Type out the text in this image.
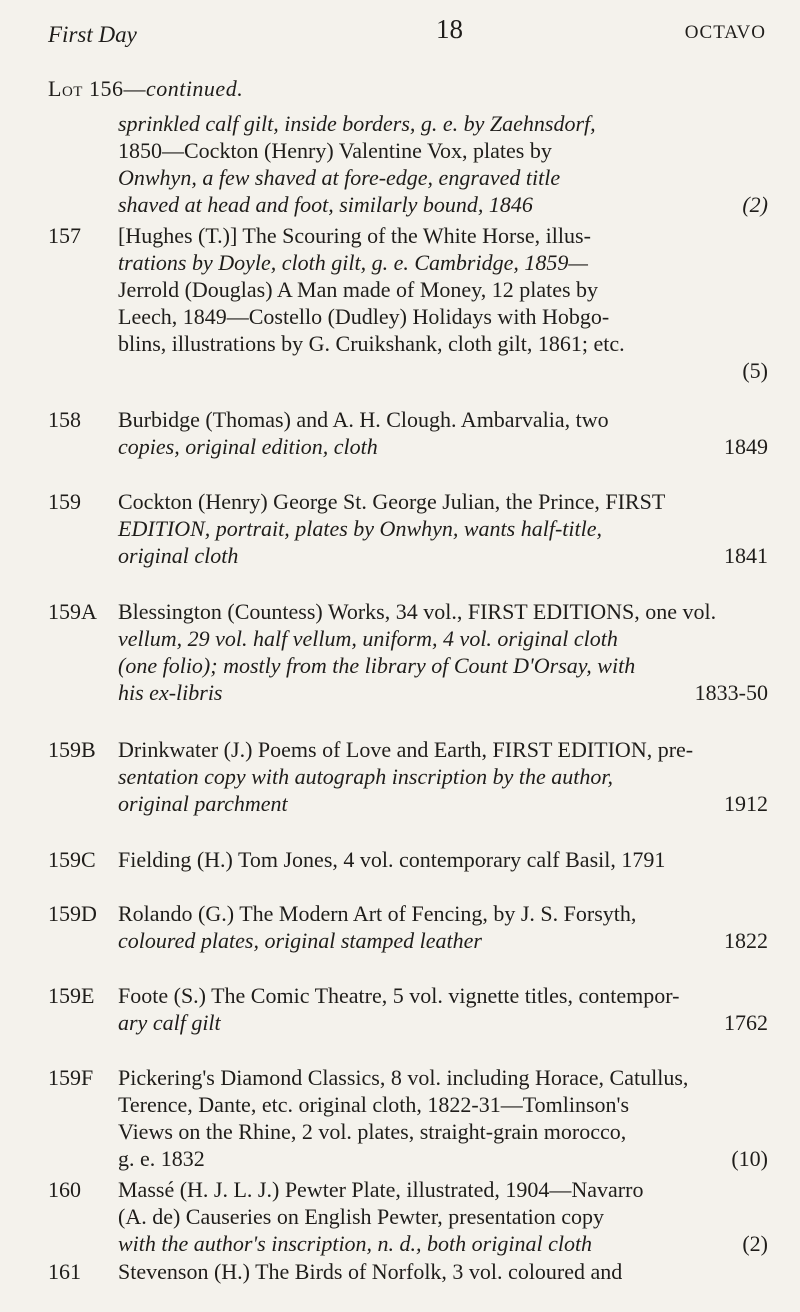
First Day	18	OCTAVO
Lot 156—continued.
sprinkled calf gilt, inside borders, g. e. by Zaehnsdorf,
1850—Cockton (Henry) Valentine Vox, plates by
Onwhyn, a few shaved at fore-edge, engraved title
shaved at head and foot, similarly bound, 1846	(2)
157	[Hughes (T.)] The Scouring of the White Horse, illus-
trations by Doyle, cloth gilt, g. e. Cambridge, 1859—
Jerrold (Douglas) A Man made of Money, 12 plates by
Leech, 1849—Costello (Dudley) Holidays with Hobgo-
blins, illustrations by G. Cruikshank, cloth gilt, 1861; etc.
(5)

158	Burbidge (Thomas) and A. H. Clough. Ambarvalia, two
copies, original edition, cloth	1849
159	Cockton (Henry) George St. George Julian, the Prince, FIRST
EDITION, portrait, plates by Onwhyn, wants half-title,
original cloth	1841
159A Blessington (Countess) Works, 34 vol., FIRST EDITIONS, one vol.
vellum, 29 vol. half vellum, uniform, 4 vol. original cloth
(one folio); mostly from the library of Count D'Orsay, with
his ex-libris	1833-50
159B	Drinkwater (J.) Poems of Love and Earth, FIRST EDITION, pre-
sentation copy with autograph inscription by the author,
original parchment	1912
159C	Fielding (H.) Tom Jones, 4 vol. contemporary calf Basil, 1791
159D Rolando (G.) The Modern Art of Fencing, by J. S. Forsyth,
coloured plates, original stamped leather	1822
159E	Foote (S.) The Comic Theatre, 5 vol. vignette titles, contempor-
ary calf gilt	1762
159F	Pickering's Diamond Classics, 8 vol. including Horace, Catullus,
Terence, Dante, etc. original cloth, 1822-31—Tomlinson's
Views on the Rhine, 2 vol. plates, straight-grain morocco,
g. e. 1832	(10)
160	Massé (H. J. L. J.) Pewter Plate, illustrated, 1904—Navarro
(A. de) Causeries on English Pewter, presentation copy
with the author's inscription, n. d., both original cloth	(2)
161	Stevenson (H.) The Birds of Norfolk, 3 vol. coloured and
